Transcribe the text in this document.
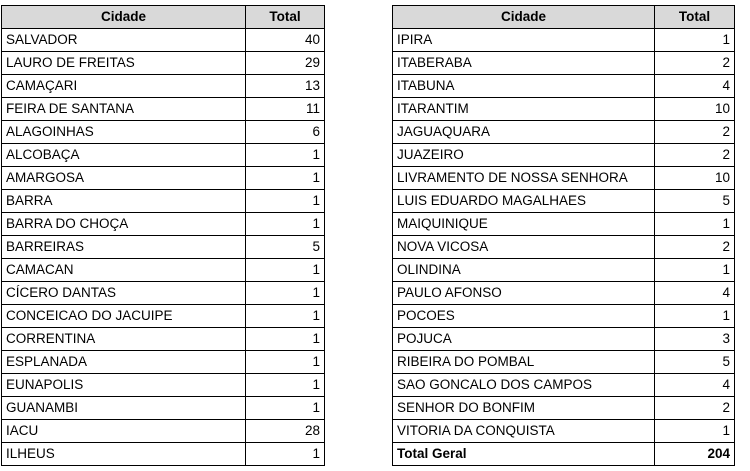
Cidade	Total
SALVADOR	40
LAURO DE FREITAS	29
CAMAÇARI	13
FEIRA DE SANTANA	11
ALAGOINHAS	6
ALCOBAÇA	1
AMARGOSA	1
BARRA	1
BARRA DO CHOÇA	1
BARREIRAS	5
CAMACAN	1
CÍCERO DANTAS	1
CONCEICAO DO JACUIPE	1
CORRENTINA	1
ESPLANADA	1
EUNAPOLIS	1
GUANAMBI	1
IACU	28
ILHEUS	1
Cidade	Total
IPIRA	1
ITABERABA	2
ITABUNA	4
ITARANTIM	10
JAGUAQUARA	2
JUAZEIRO	2
LIVRAMENTO DE NOSSA SENHORA	10
LUIS EDUARDO MAGALHAES	5
MAIQUINIQUE	1
NOVA VICOSA	2
OLINDINA	1
PAULO AFONSO	4
POCOES	1
POJUCA	3
RIBEIRA DO POMBAL	5
SAO GONCALO DOS CAMPOS	4
SENHOR DO BONFIM	2
VITORIA DA CONQUISTA	1
Total Geral	204
